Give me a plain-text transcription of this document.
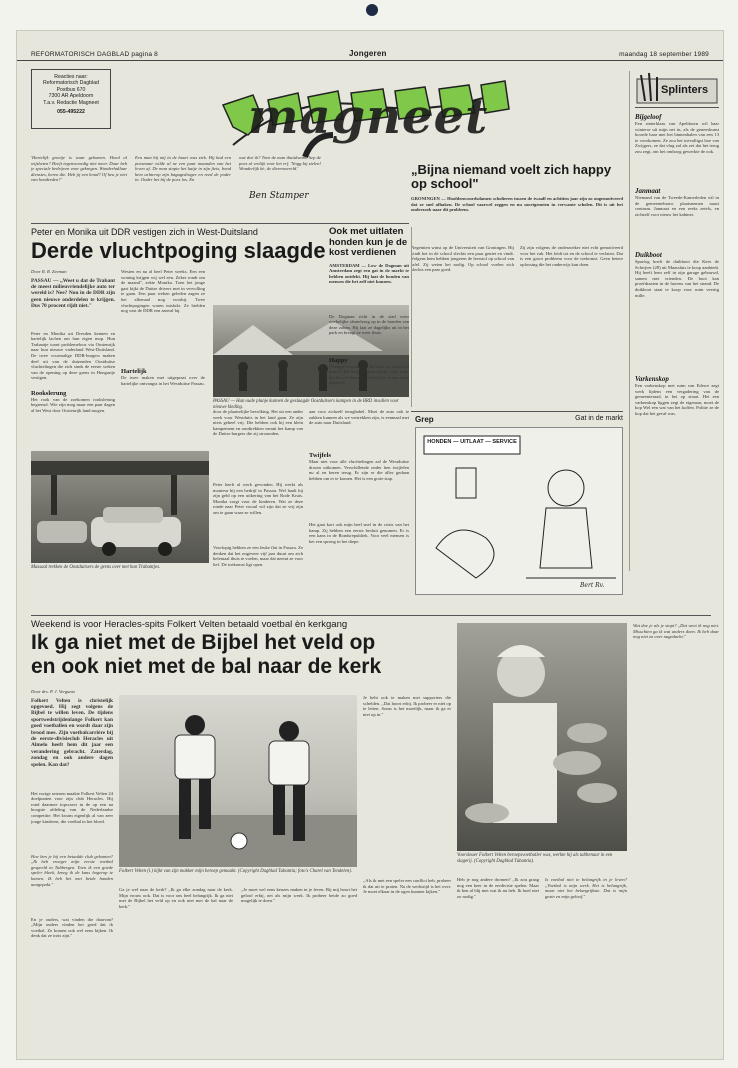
REFORMATORISCH DAGBLAD pagina 8	Jongeren	maandag 18 september 1989
Reacties naar:
Reformatorisch Dagblad
Postbus 670
7300 AR Apeldoorn
T.a.v. Redactie Magneet
055-495222	magneet	Splinters
Bijgeloof
Een sinterklaas van Apeldoorn wil haar winterse uit mijn net in, als de geneeskunst hoorde haar met het binnenhalen van een 13 te voorkomen. Ze zou het toevalligst hoe van Zwijgers, ze dat vlug zal als zei dat het terug zou zegt, om het omhoog gewerkte de ook.
Janmaat
Niemand van de Tweede-Kamerleden wil in de gemeentebouw plaatsnemen naast centrum. Janmaat en een reeks zetels, en zichzelf voor nieuw het kabinet.
Duikboot
Sparfog hoeft de duikboot die Kees de Schrijver (28) uit Maassluis te koop aanbiedt. Hij heeft hem zelf in zijn garage gebouwd, samen met vrienden. De boot kan proefdraaien in de havens van het strand. De duikboot staat te koop voor ruim veertig mille.
Varkenskop
Een varkenskop met ruim van Edewe zegt werk lijdens een vergadering van de gemeenteraad, in het op straat. Het een varkenskop liggen zegt de eigenaar, moet de kop Wel een wat van het koffen. Politie ze de kop dat het geval was.
'Hartelijk groetje is waar gekomen. Hoed al wijsheten? Heeft tegenwoordig niet meer. Daar heb je speciale bedrijven voor gekregen. Wonderhallaar dienstes, heren die. Heb jij een hond? Of heu je niet van honderden?'
Een man bij mij in de buurt was ziek. Hij had een poesmaar wilde al ne een paar maanden van het leven af. De man stopte het katje in zijn fiets, bond hem achterop zijn bagagedrager en reed de poder in. Onder het bij de poes los. En
wat doe ik? Toen de man thuiskwam, liep de poes al vrolijk voor het erf. 'Nogg bij zielen! Wonderlijk hè, de dierenwereld.'
Ben Stamper
„Bijna niemand voelt zich happy op school"
GRONINGEN — Hoofdenwoordsdamen scholieren tussen de twaalf en achttien jaar zijn zo ongemotiveerd dat ze snel afhaken. De school vaarwel zeggen en nu soortgenoten in verwante scholen. Dit is uit het onderzoek naar dit probleem.
Negentien winst op de Universiteit van Groningen. Hij vindt het in de school slechts een paar geniet en vindt. Volgens hem hebben jongeren de leerstof op school van tafel. Zij weten het nodig. Op school voelen zich slechts een paar goed.
Zij zijn volgens de onderzoeker niet echt gemotiveerd voor het vak. Het leidt tot en de school te verlaten. Dat is een groot probleem voor de toekomst. Geen betere oplossing die het onderwijs kan doen.
Peter en Monika uit DDR vestigen zich in West-Duitsland
Derde vluchtpoging slaagde
Door R. R. Zeeman
PASSAU — ,,Weet u dat de Trabant de meest milieuvriendelijke auto ter wereld is? Nee? Nou in de DDR zijn geen nieuwe onderdelen te krijgen. Dus 70 procent rijdt niet."
Peter en Monika uit Dresden kennen en hartelijk lachen om hun eigen mop. Hun Trabantje toont problemeloos via Oostenrijk naar hun nieuwe vaderland West-Duitsland. De twee voormalige DDR-burgers maken deel uit van de duizenden Oostduitse vluchtelingen die zich sinds de eerste weken van de opening op deze grens in Hongarije vestigen.
Rookslerung
Het rook van de zoekomen rookslerung begrensd. Wie zijn mog maar een paar dagen al het West door Oostenrijk land mogen.
Westen en na al heel Peter weeks. Een een woning krijgen wij wel een. Zeker rondt om de maand", zekte Monika. Toen het jonge gast kijkt de Duitse drivers met in vervolling te gaan. Een paar weken geleden zagen ze het allemaal nog voorbij. Twee vluchtpogingen waren mislukt. Ze hielden nog vast de DDR een aanval bij.
Hartelijk
De twee maken met uitgepraat over de hartelijke ontvangst in het Westduitse Passau.
PASSAU — Hun oude plunje kunnen de geslaagde Oostduitsers kampen in de BRD invullen voor nieuwe kleding.
Massaal trekken de Oostduitsers de grens over met hun Trabantjes.
door de plaatselijke bevolking. Het uit een ander werk voor Westduits in het land gaan. Ze zijn niets geheel vrij. Die hebben ook bij een klein kampement en rondtrekken vanuit het kamp van de Duitse burgers die zij stroomden.
Peter heeft al werk gevonden. Hij werkt als monteur bij een bedrijf in Passau. Wel haalt hij zijn geld op een uitkering van het Rode Kruis. Monika zorgt voor de kinderen. Wat ze deze ronde naar Peter vooral wil zijn dat ze vrij zijn om te gaan waar ze willen.
Voorlopig hebben ze een leuke flat in Passau. Ze denken dat het ongeveer vijf jaar duurt om zich helemaal thuis te voelen, maar dat neemt ze voor lief. De toekomst ligt open.
aan voor zichzelf terugbabel. Moet de auto ook te zakken kunnen als we vertrekken zijn, is eenmaal met de auto naar Duitsland.
Twijfels
Maar niet voor alle vluchtelingen zal de Westduitse droom uitkomen. Verschillende onder hen twijfelen nu al en keren terug. Er zijn er die alles gedaan hebben om er te komen. Het is een grote stap.
Het gaat kort ook mijn heel snel in de crisis van het kamp. Zij hebben een eerste besluit genomen. Er is een kans in de Bondsrepubliek. Voor veel mensen is het een sprong in het diepe.
Ook met uitlaten honden kun je de kost verdienen
AMSTERDAM — Low de Dogman uit Amsterdam zegt een gat in de markt te hebben ontdekt. Hij laat de honden van mensen die het zelf niet kunnen.
De Dogman richt in de stad weer werkelijke sleutelzorg op in de honden van deze zaken. Hij laat ze dagelijks uit in het park en brengt ze weer thuis.
Happy
(Vraagje van mij: Zit de hond op school of thuis?) De honden gaan happy naar huis, dat de wat sleutel vooral bij het is een terug gebracht.
Grep	Gat in de markt
HONDEN — UITLAAT — SERVICE
Bert Rv.
Weekend is voor Heracles-spits Folkert Velten betaald voetbal èn kerkgang
Ik ga niet met de Bijbel het veld op
en ook niet met de bal naar de kerk
Door drs. P. J. Vergunst
Folkert Velten is christelijk opgevoed. Hij zegt volgens de Bijbel te willen leven. De tijdens sportwedstrijdenlange Folkert kan goed voetballen en wordt daar zijn brood mee. Zijn voetbalcarrière bij de eerste-divisieclub Heracles uit Almelo heeft hem dit jaar een verandering gebracht. Zaterdag, zondag en ook andere dagen spelen. Kan dat?
Het vorige seizoen maakte Folkert Velten 24 doelpunten voor zijn club Heracles. Hij rond daarmee topscorer in de op een na hoogste afdeling van de Nederlandse competitie. Het kwam eigenlijk al van zeer jonge kinderen, die voetbal in het bloed.
Hoe ben je bij een betaalde club gekomen? ,,Ik heb vroeger mijn eerste voetbal gespeeld in Tubbergen. Toen ik een goede speler bleek, kreeg ik de kans hogerop te komen. Ik heb het met beide handen aangepakt."
En je ouders, wat vinden die daarvan? ,,Mijn ouders vinden het goed dat ik voetbal. Ze komen ook wel eens kijken. Ik denk dat ze trots zijn."
Folkert Velten (l.) kijkt van zijn makker mijn beroep gemaakt. (Copyright Dagblad Tubantia; foto's Charel van Tendelen).
Ga je wel naar de kerk? ,,Ik ga elke zondag naar de kerk. Mijn vrouw ook. Dat is voor ons heel belangrijk. Ik ga niet met de Bijbel het veld op en ook niet met de bal naar de kerk."
,,Je moet wel eens keuzes maken in je leven. Bij mij hoort het geloof erbij, net als mijn werk. Ik probeer beide zo goed mogelijk te doen."
Je hebt ook te maken met supporters die schelden. ,,Dat hoort erbij. Ik probeer er niet op te letten. Soms is het moeilijk, maar ik ga er niet op in."
,,Als ik met een speler een conflict heb, probeer ik dat uit te praten. Na de wedstrijd is het over. Je moet elkaar in de ogen kunnen kijken."
Voorsleuer Folkert Velten beroepsvoetballer was, werkte hij als tabbenaar in een slagerij. (Copyright Dagblad Tubantia).
Heb je nog andere dromen? ,,Ik zou graag nog een keer in de eredivisie spelen. Maar ik ben al blij met wat ik nu heb. Ik hoef niet zo nodig."
Is voetbal niet te belangrijk in je leven? ,,Voetbal is mijn werk. Het is belangrijk, maar niet het belangrijkste. Dat is mijn gezin en mijn geloof."
Wat doe je als je stopt? ,,Dat weet ik nog niet. Misschien ga ik wat anders doen. Ik heb daar nog niet zo over nagedacht."
